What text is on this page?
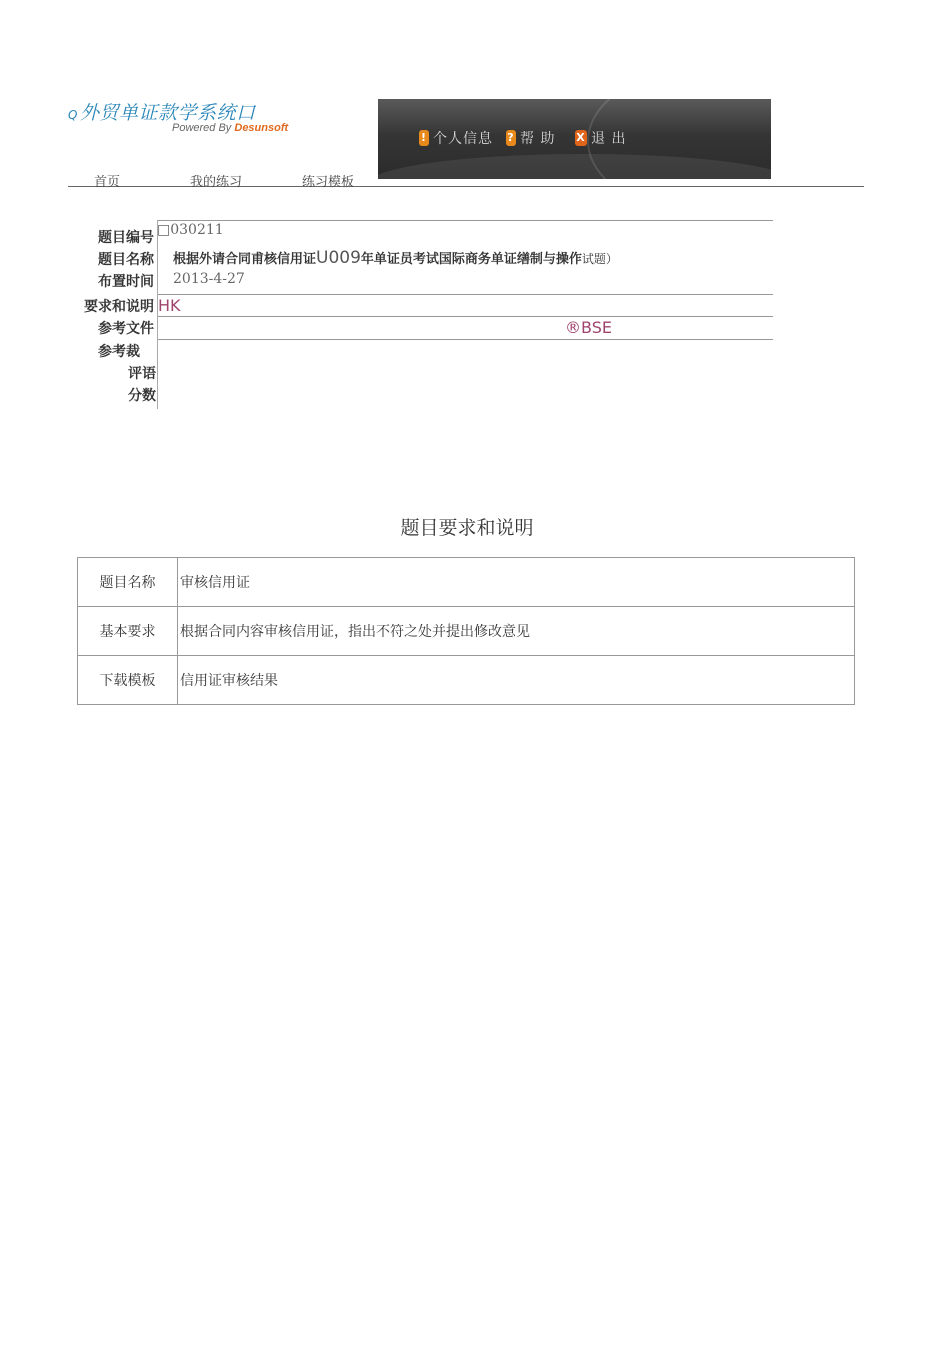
Q 外贸单证款学系统口
Powered By Desunsoft
! 个人信息 ? 帮 助 X 退 出
首页	我的练习	练习模板
题目编号 □030211
题目名称 根据外请合同甫核信用证U009年单证员考试国际商务单证缮制与操作试题）
布置时间 2013-4-27
要求和说明 HK
参考文件	®BSE
参考裁
评语
分数
题目要求和说明
题目名称	审核信用证
基本要求	根据合同内容审核信用证，指出不符之处并提出修改意见
下载模板	信用证审核结果
